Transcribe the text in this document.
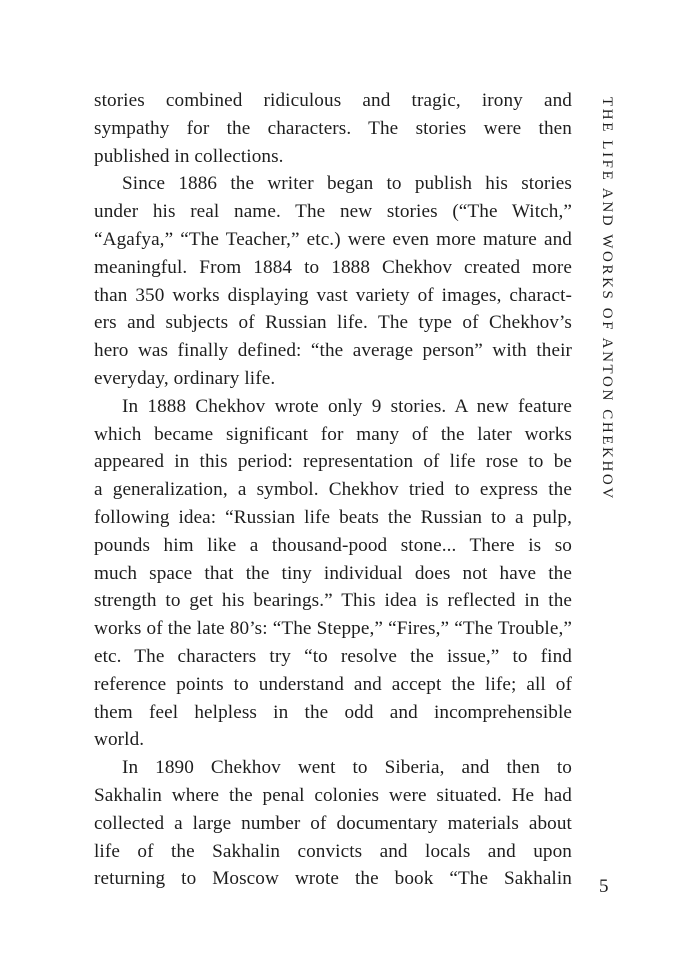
stories combined ridiculous and tragic, irony and
sympathy for the characters. The stories were then
published in collections.
Since 1886 the writer began to publish his stories
under his real name. The new stories (“The Witch,”
“Agafya,” “The Teacher,” etc.) were even more mature and
meaningful. From 1884 to 1888 Chekhov created more
than 350 works displaying vast variety of images, charact-
ers and subjects of Russian life. The type of Chekhov’s
hero was finally defined: “the average person” with their
everyday, ordinary life.
In 1888 Chekhov wrote only 9 stories. A new feature
which became significant for many of the later works
appeared in this period: representation of life rose to be
a generalization, a symbol. Chekhov tried to express the
following idea: “Russian life beats the Russian to a pulp,
pounds him like a thousand-pood stone... There is so
much space that the tiny individual does not have the
strength to get his bearings.” This idea is reflected in the
works of the late 80’s: “The Steppe,” “Fires,” “The Trouble,”
etc. The characters try “to resolve the issue,” to find
reference points to understand and accept the life; all of
them feel helpless in the odd and incomprehensible
world.
In 1890 Chekhov went to Siberia, and then to
Sakhalin where the penal colonies were situated. He had
collected a large number of documentary materials about
life of the Sakhalin convicts and locals and upon
returning to Moscow wrote the book “The Sakhalin
THE LIFE AND WORKS OF ANTON CHEKHOV
5
